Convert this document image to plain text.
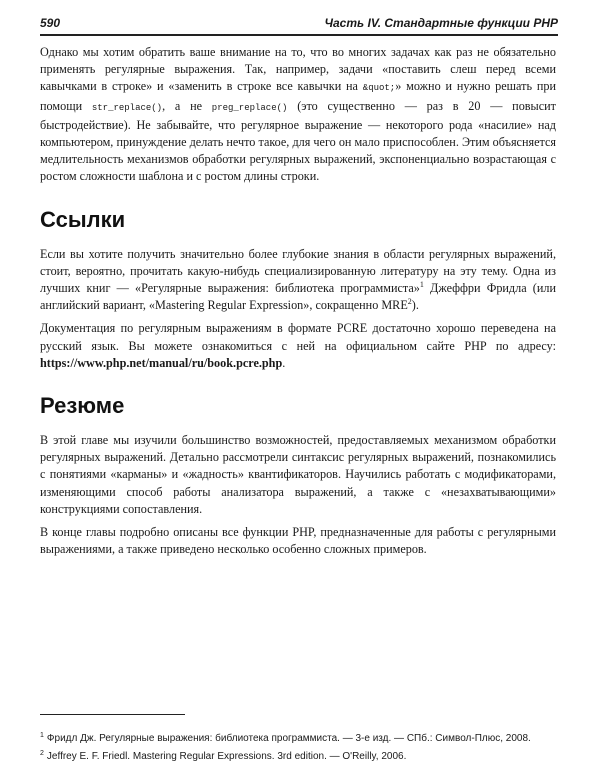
590	Часть IV. Стандартные функции PHP

Однако мы хотим обратить ваше внимание на то, что во многих задачах как раз не обязательно применять регулярные выражения. Так, например, задачи «поставить слеш перед всеми кавычками в строке» и «заменить в строке все кавычки на &quot;» можно и нужно решать при помощи str_replace(), а не preg_replace() (это существенно — раз в 20 — повысит быстродействие). Не забывайте, что регулярное выражение — некоторого рода «насилие» над компьютером, принуждение делать нечто такое, для чего он мало приспособлен. Этим объясняется медлительность механизмов обработки регулярных выражений, экспоненциально возрастающая с ростом сложности шаблона и с ростом длины строки.

Ссылки

Если вы хотите получить значительно более глубокие знания в области регулярных выражений, стоит, вероятно, прочитать какую-нибудь специализированную литературу на эту тему. Одна из лучших книг — «Регулярные выражения: библиотека программиста»$^1$ Джеффри Фридла (или английский вариант, «Mastering Regular Expression», сокращенно MRE$^2$).

Документация по регулярным выражениям в формате PCRE достаточно хорошо переведена на русский язык. Вы можете ознакомиться с ней на официальном сайте PHP по адресу: https://www.php.net/manual/ru/book.pcre.php.

Резюме

В этой главе мы изучили большинство возможностей, предоставляемых механизмом обработки регулярных выражений. Детально рассмотрели синтаксис регулярных выражений, познакомились с понятиями «карманы» и «жадность» квантификаторов. Научились работать с модификаторами, изменяющими способ работы анализатора выражений, а также с «незахватывающими» конструкциями сопоставления.

В конце главы подробно описаны все функции PHP, предназначенные для работы с регулярными выражениями, а также приведено несколько особенно сложных примеров.

$^1$ Фридл Дж. Регулярные выражения: библиотека программиста. — 3-е изд. — СПб.: Символ-Плюс, 2008.
$^2$ Jeffrey E. F. Friedl. Mastering Regular Expressions. 3rd edition. — O'Reilly, 2006.
